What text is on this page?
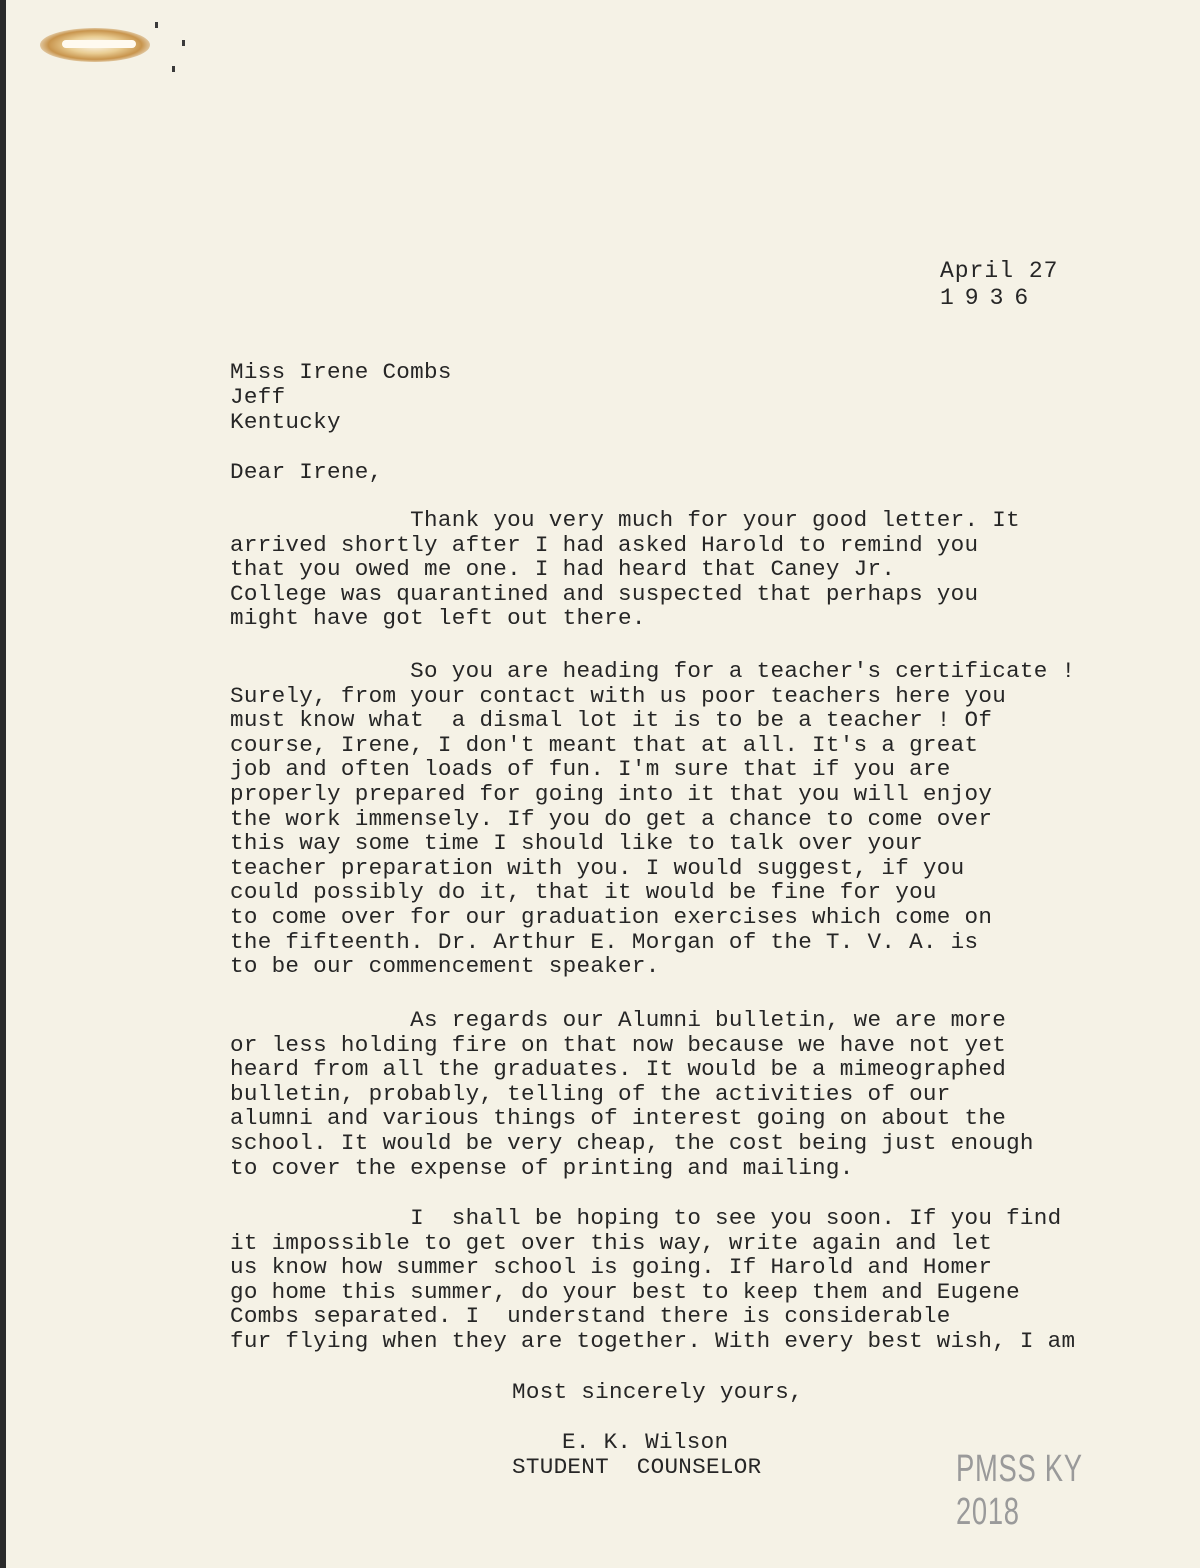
April 27

1936

Miss Irene Combs

Jeff

Kentucky

Dear Irene,

Thank you very much for your good letter. It
arrived shortly after I had asked Harold to remind you
that you owed me one. I had heard that Caney Jr.
College was quarantined and suspected that perhaps you
might have got left out there.

So you are heading for a teacher's certificate !
Surely, from your contact with us poor teachers here you
must know what  a dismal lot it is to be a teacher ! Of
course, Irene, I don't meant that at all. It's a great
job and often loads of fun. I'm sure that if you are
properly prepared for going into it that you will enjoy
the work immensely. If you do get a chance to come over
this way some time I should like to talk over your
teacher preparation with you. I would suggest, if you
could possibly do it, that it would be fine for you
to come over for our graduation exercises which come on
the fifteenth. Dr. Arthur E. Morgan of the T. V. A. is
to be our commencement speaker.

As regards our Alumni bulletin, we are more
or less holding fire on that now because we have not yet
heard from all the graduates. It would be a mimeographed
bulletin, probably, telling of the activities of our
alumni and various things of interest going on about the
school. It would be very cheap, the cost being just enough
to cover the expense of printing and mailing.

I  shall be hoping to see you soon. If you find
it impossible to get over this way, write again and let
us know how summer school is going. If Harold and Homer
go home this summer, do your best to keep them and Eugene
Combs separated. I  understand there is considerable
fur flying when they are together. With every best wish, I am

Most sincerely yours,

E. K. Wilson

STUDENT  COUNSELOR	PMSS KY 2018
